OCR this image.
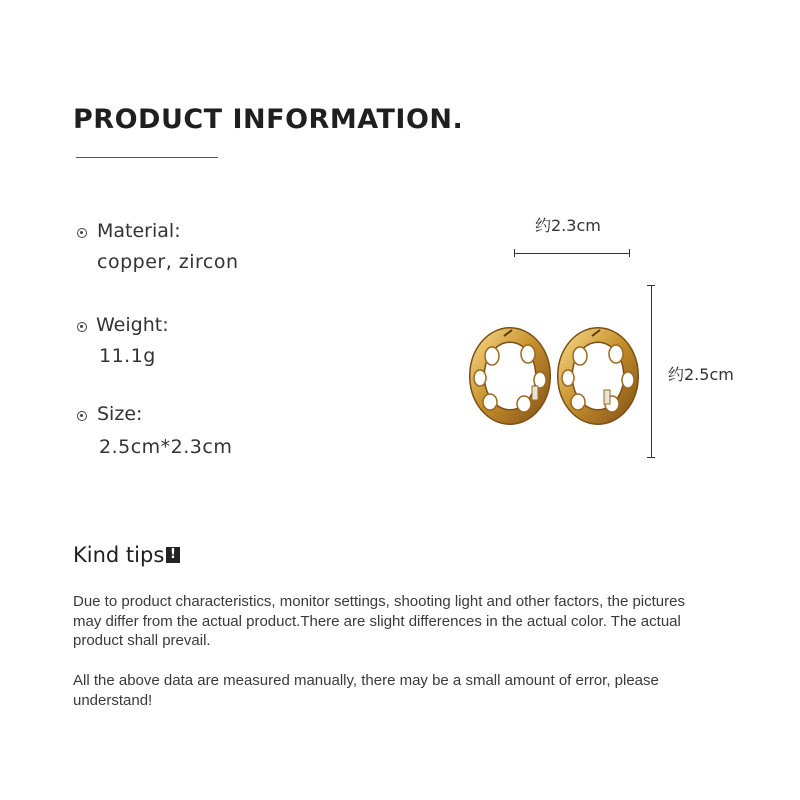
PRODUCT INFORMATION.
Material:
copper, zircon
Weight:
11.1g
Size:
2.5cm*2.3cm
约2.3cm
约2.5cm
Kind tips !
Due to product characteristics, monitor settings, shooting light and other factors, the pictures may differ from the actual product.There are slight differences in the actual color. The actual product shall prevail.
All the above data are measured manually, there may be a small amount of error, please understand!
